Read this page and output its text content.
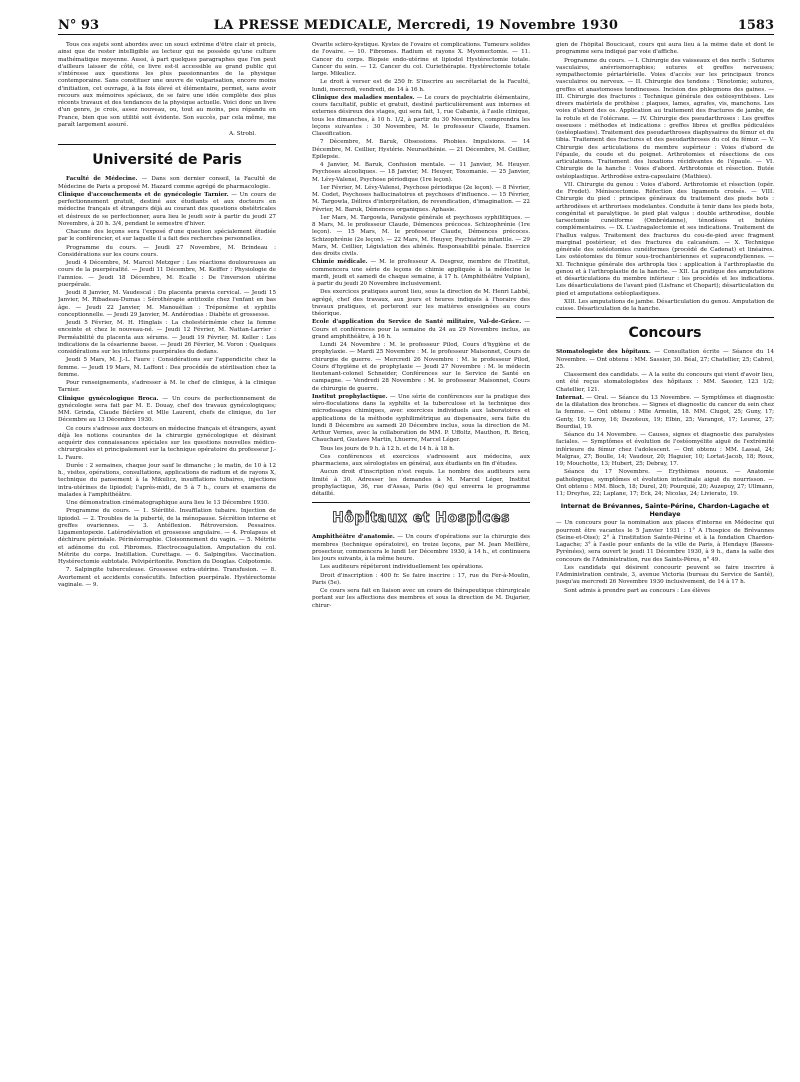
N° 93	LA PRESSE MEDICALE, Mercredi, 19 Novembre 1930	1583

Tous ces sujets sont abordés avec un souci extrême d'être clair et précis, ainsi que de rester intelligible au lecteur qui ne possède qu'une culture mathématique moyenne. Aussi, à part quelques paragraphes que l'on peut d'ailleurs laisser de côté, ce livre est-il accessible au grand public qui s'intéresse aux questions les plus passionnantes de la physique contemporaine. Sans constituer une œuvre de vulgarisation, encore moins d'initiation, cet ouvrage, à la fois élevé et élémentaire, permet, sans avoir recours aux mémoires spéciaux, de se faire une idée complète des plus récents travaux et des tendances de la physique actuelle. Voici donc un livre d'un genre, je crois, assez nouveau, ou, tout au moins, peu répandu en France, bien que son utilité soit évidente. Son succès, par cela même, me paraît largement assuré.

A. Strobl.
Université de Paris

Faculté de Médecine. — Dans son dernier conseil, la Faculté de Médecine de Paris a proposé M. Hazard comme agrégé de pharmacologie.

Clinique d'accouchements et de gynécologie Tarnier. — Un cours de perfectionnement gratuit, destiné aux étudiants et aux docteurs en médecine français et étrangers déjà au courant des questions obstétricales et désireux de se perfectionner, aura lieu le jeudi soir à partir du jeudi 27 Novembre, à 20 h. 3/4, pendant le semestre d'hiver.

Chacune des leçons sera l'exposé d'une question spécialement étudiée par le conférencier, et sur laquelle il a fait des recherches personnelles.

Programme du cours. — Jeudi 27 Novembre, M. Brindeau : Considérations sur les cours cours.

Jeudi 4 Décembre, M. Marcel Metzger : Les réactions douloureuses au cours de la puerpéralité. — Jeudi 11 Décembre, M. Keiffer : Physiologie de l'amnios. — Jeudi 18 Décembre, M. Ecalle : De l'inversion utérine puerpérale.

Jeudi 8 Janvier, M. Vaudescal : Du placenta prævia cervical. — Jeudi 15 Janvier, M. Ribadeau-Dumas : Sérothérapie antitoxile chez l'enfant en bas âge. — Jeudi 22 Janvier, M. Manouélian : Tréponème et syphilis conceptionnelle. — Jeudi 29 Janvier, M. Andérodias : Diabète et grossesse.

Jeudi 5 Février, M. H. Hinglais : La cholestérinémie chez la femme enceinte et chez le nouveau-né. — Jeudi 12 Février, M. Nattan-Larrier : Perméabilité du placenta aux sérums. — Jeudi 19 Février, M. Keller : Les indications de la césarienne basse. — Jeudi 26 Février, M. Voron : Quelques considérations sur les infections puerpérales du dedans.

Jeudi 5 Mars, M. J.-L. Faure : Considérations sur l'appendicite chez la femme. — Jeudi 19 Mars, M. Laffont : Des procédés de stérilisation chez la femme.

Pour renseignements, s'adresser à M. le chef de clinique, à la clinique Tarnier.

Clinique gynécologique Broca. — Un cours de perfectionnement de gynécologie sera fait par M. E. Douay, chef des travaux gynécologiques; MM. Grinda, Claude Béclère et Mlle Laurent, chefs de clinique, du 1er Décembre au 13 Décembre 1930.

Ce cours s'adresse aux docteurs en médecine français et étrangers, ayant déjà les notions courantes de la chirurgie gynécologique et désirant acquérir des connaissances spéciales sur les questions nouvelles médico-chirurgicales et principalement sur la technique opératoire du professeur J.-L. Faure.

Durée : 2 semaines, chaque jour sauf le dimanche ; le matin, de 10 à 12 h., visites, opérations, consultations, applications de radium et de rayons X, technique du pansement à la Mikulicz, insufflations tubaires, injections intra-utérines de lipiodol; l'après-midi, de 5 à 7 h., cours et examens de malades à l'amphithéâtre.

Une démonstration cinématographique aura lieu le 13 Décembre 1930.

Programme du cours. — 1. Stérilité. Insufflation tubaire. Injection de lipiodol. — 2. Troubles de la puberté, de la ménopause. Sécrétion interne et greffes ovariennes. — 3. Antéflexion. Rétroversion. Pessaires. Ligamentopexie. Latérodéviation et grossesse angulaire. — 4. Prolapsus et déchirure périnéale. Périnéorraphie. Cloisonnement du vagin. — 5. Métrite et adénome du col. Fibromes. Electrocoagulation. Amputation du col. Métrite du corps. Instillation. Curettage. — 6. Salpingites. Vaccination. Hystérectomie subtotale. Pelvipéritonite. Ponction du Douglas. Colpotomie.

7. Salpingite tuberculeuse. Grossesse extra-utérine. Transfusion. — 8. Avortement et accidents consécutifs. Infection puerpérale. Hystérectomie vaginale. — 9.

Ovarite scléro-kystique. Kystes de l'ovaire et complications. Tumeurs solides de l'ovaire. — 10. Fibromes. Radium et rayons X. Myomectomie. — 11. Cancer du corps. Biopsie endo-utérine et lipiodol Hystérectomie totale. Cancer du sein. — 12. Cancer du col. Curiethérapie. Hystérectomie totale large. Mikulicz.

Le droit à verser est de 250 fr. S'inscrire au secrétariat de la Faculté, lundi, mercredi, vendredi, de 14 à 16 h.

Clinique des maladies mentales. — Le cours de psychiatrie élémentaire, cours facultatif, public et gratuit, destiné particulièrement aux internes et externes désireux des stages, qui sera fait, 1, rue Cabanis, à l'asile clinique, tous les dimanches, à 10 h. 1/2, à partir du 30 Novembre, comprendra les leçons suivantes : 30 Novembre, M. le professeur Claude, Examen. Classification.

7 Décembre, M. Baruk, Obsessions. Phobies. Impulsions. — 14 Décembre, M. Ceillier, Hystérie. Neurasthénie. — 21 Décembre, M. Ceillier, Epilepsie.

4 Janvier, M. Baruk, Confusion mentale. — 11 Janvier, M. Heuyer. Psychoses alcooliques. — 18 Janvier, M. Heuyer, Toxomanie. — 25 Janvier, M. Lévy-Valensi, Psychose périodique (1re leçon).

1er Février, M. Lévy-Valensi, Psychose périodique (2e leçon). — 8 Février, M. Codet, Psychoses hallucinatoires et psychoses d'influence. — 15 Février, M. Targowla, Délires d'interprétation, de revendication, d'imagination. — 22 Février, M. Baruk, Démences organiques. Aphasie.

1er Mars, M. Targowla, Paralysie générale et psychoses syphilitiques. — 8 Mars, M. le professeur Claude, Démences précoces. Schizophrénie (1re leçon). — 15 Mars, M. le professeur Claude, Démences précoces. Schizophrénie (2e leçon). — 22 Mars, M. Heuyer, Psychiatrie infantile. — 29 Mars, M. Ceillier, Législation des aliénés. Responsabilité pénale. Exercice des droits civils.

Chimie médicale. — M. le professeur A. Desgrez, membre de l'Institut, commencera une série de leçons de chimie appliquée à la médecine le mardi, jeudi et samedi de chaque semaine, à 17 h. (Amphithéâtre Vulpian), à partir du jeudi 20 Novembre inclusivement.

Des exercices pratiques auront lieu, sous la direction de M. Henri Labbé, agrégé, chef des travaux, aux jours et heures indiqués à l'horaire des travaux pratiques, et porteront sur les matières enseignées au cours théorique.

Ecole d'application du Service de Santé militaire, Val-de-Grâce. — Cours et conférences pour la semaine du 24 au 29 Novembre inclus, au grand amphithéâtre, à 16 h.

Lundi 24 Novembre : M. le professeur Pilod, Cours d'hygiène et de prophylaxie. — Mardi 25 Novembre : M. le professeur Maisonnet, Cours de chirurgie de guerre. — Mercredi 26 Novembre : M. le professeur Pilod, Cours d'hygiène et de prophylaxie — Jeudi 27 Novembre : M. le médecin lieutenant-colonel Schneider, Conférences sur le Service de Santé en campagne. — Vendredi 28 Novembre : M. le professeur Maisonnet, Cours de chirurgie de guerre.

Institut prophylactique. — Une série de conférences sur la pratique des séro-floculations dans la syphilis et la tuberculose et la technique des microdosages chimiques, avec exercices individuels aux laboratoires et applications de la méthode syphilimétrique au dispensaire, sera faite du lundi 8 Décembre au samedi 20 Décembre inclus, sous la direction de M. Arthur Vernes, avec la collaboration de MM. P. Uffoltz, Mauthon, R. Bricq, Chauchard, Gustave Martin, Lhuerre, Marcel Léger.

Tous les jours de 9 h. à 12 h. et de 14 h. à 18 h.

Ces conférences et exercices s'adressent aux médecins, aux pharmaciens, aux sérologistes en général, aux étudiants en fin d'études.

Aucun droit d'inscription n'est requis. Le nombre des auditeurs sera limité à 30. Adresser les demandes à M. Marcel Léger, Institut prophylactique, 36, rue d'Assas, Paris (6e) qui enverra le programme détaillé.

Hôpitaux et Hospices

Amphithéâtre d'anatomie. — Un cours d'opérations sur la chirurgie des membres (technique opératoire), en treize leçons, par M. Jean Meillère, prosecteur, commencera le lundi 1er Décembre 1930, à 14 h., et continuera les jours suivants, à la même heure.

Les auditeurs répéteront individuellement les opérations.

Droit d'inscription : 400 fr. Se faire inscrire : 17, rue du Fer-à-Moulin, Paris (5e).

Ce cours sera fait en liaison avec un cours de thérapeutique chirurgicale portant sur les affections des membres et sous la direction de M. Dujarier, chirur-

gien de l'hôpital Boucicaut, cours qui aura lieu à la même date et dont le programme sera indiqué par voie d'affiche.

Programme du cours. — I. Chirurgie des vaisseaux et des nerfs : Sutures vasculaires, anévrismorraphies; sutures et greffes nerveuses; sympathectomie périartérielle. Voies d'accès sur les principaux troncs vasculaires ou nerveux. — II. Chirurgie des tendons : Ténotomie; sutures, greffes et anastomoses tendineuses. Incision des phlegmons des gaines. — III. Chirurgie des fractures : Technique générale des ostéosynthèses. Les divers matériels de prothèse : plaques, lames, agrafes, vis, manchons. Les voies d'abord des os. Application au traitement des fractures de jambe, de la rotule et de l'olécrane. — IV. Chirurgie des pseudarthroses : Les greffes osseuses : méthodes et indications : greffes libres et greffes pédiculées (ostéoplasties). Traitement des pseudarthroses diaphysaires du fémur et du tibia. Traitement des fractures et des pseudarthroses du col du fémur. — V. Chirurgie des articulations du membre supérieur : Voies d'abord de l'épaule, du coude et du poignet. Arthrotomies et résections de ces articulations. Traitement des luxations récidivantes de l'épaule. — VI. Chirurgie de la hanche : Voies d'abord. Arthrotomie et résection. Butée ostéoplastique. Arthrodèse extra-capsulaire (Mathieu).

VII. Chirurgie du genou : Voies d'abord. Arthrotomie et résection (opér. de Fredet). Méniscectomie. Réfection des ligaments croisés. — VIII. Chirurgie du pied : principes généraux du traitement des pieds bots : arthrodèses et arthrorises modelantes. Conduite à tenir dans les pieds bots, congénital et paralytique. le pied plat valgus : double arthrodèse, double tarsectomie cunéiforme (Ombrédanne), ténodèses et butées complémentaires. — IX. L'astragalectomie et ses indications. Traitement de l'hallux valgus. Traitement des fractures du cou-de-pied avec fragment marginal postérieur, et des fractures du calcanéum. — X. Technique générale des ostéotomies cunéiformes (procédé de Cadenat) et linéaires. Les ostéotomies du fémur sous-trochantériennes et supracondyliennes. — XI. Technique générale des arthropla ties : application à l'arthroplastie du genou et à l'arthroplastie de la hanche. — XII. La pratique des amputations et désarticulations du membre inférieur : les procédés et les indications. Les désarticulations de l'avant pied (Lisfranc et Chopart); désarticulation du pied et amputations ostéoplastiques.

XIII. Les amputations de jambe. Désarticulation du genou. Amputation de cuisse. Désarticulation de la hanche.

Concours

Stomatologiste des hôpitaux. — Consultation écrite — Séance du 14 Novembre. — Ont obtenu : MM. Sassier, 30. Béal, 27; Chatellier, 25; Cabrol, 25.

Classement des candidats. — A la suite du concours qui vient d'avoir lieu, ont été reçus stomatologistes des hôpitaux : MM. Sassier, 123 1/2; Chatellier, 121.

Internat. — Oral. — Séance du 13 Novembre. — Symptômes et diagnostic de la dilatation des bronches. — Signes et diagnostic du cancer du sein chez la femme. — Ont obtenu : Mlle Armelin, 18. MM. Clugot, 25; Guny, 17; Genty, 19; Leroy, 16; Dezoteux, 19; Elbin, 25; Varangot, 17; Leurez, 27; Bourdial, 19.

Séance du 14 Novembre. — Causes, signes et diagnostic des paralysies faciales. — Symptômes et évolution de l'ostéomyélite aiguë de l'extrémité inférieure du fémur chez l'adolescent. — Ont obtenu : MM. Lassal, 24; Malgras, 27; Boulle, 14; Vaudour, 20; Haguier, 10; Lortat-Jacob, 18; Roux, 19; Mouchotte, 13; Hubert, 25; Debray, 17.

Séance du 17 Novembre. — Erythèmes noueux. — Anatomie pathologique, symptômes et évolution intestinale aiguë du nourrisson. — Ont obtenu : MM. Bloch, 18; Durel, 20; Pourquié, 20; Auzepuy, 27; Ullmann, 11; Dreyfus, 22; Laplane, 17; Eck, 24; Nicolas, 24; Livierato, 19.

Internat de Brévannes, Sainte-Périne, Chardon-Lagache et Hendaye

— Un concours pour la nomination aux places d'interne en Médecine qui pourront être vacantes le 5 Janvier 1931 : 1° A l'hospice de Brévannes (Seine-et-Oise); 2° à l'institution Sainte-Périne et à la fondation Chardon-Lagache; 3° à l'asile pour enfants de la ville de Paris, à Hendaye (Basses-Pyrénées), sera ouvert le jeudi 11 Décembre 1930, à 9 h., dans la salle des concours de l'Administration, rue des Saints-Pères, n° 49.

Les candidats qui désirent concourir peuvent se faire inscrire à l'Administration centrale, 3, avenue Victoria (bureau du Service de Santé), jusqu'au mercredi 26 Novembre 1930 inclusivement, de 14 à 17 h.

Sont admis à prendre part au concours : Les élèves
